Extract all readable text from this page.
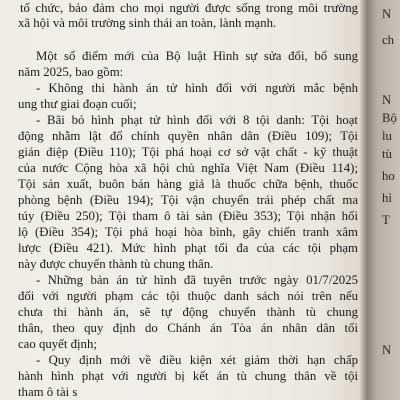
tố chức, bảo đảm cho mọi người được sống trong môi trường
xã hội và môi trường sinh thái an toàn, lành mạnh.
Một số điểm mới của Bộ luật Hình sự sửa đổi, bổ sung
năm 2025, bao gồm:
- Không thi hành án tử hình đối với người mắc bệnh
ung thư giai đoạn cuối;
- Bãi bỏ hình phạt tử hình đối với 8 tội danh: Tội hoạt
động nhằm lật đổ chính quyền nhân dân (Điều 109); Tội
gián điệp (Điều 110); Tội phá hoại cơ sở vật chất - kỹ thuật
của nước Cộng hòa xã hội chủ nghĩa Việt Nam (Điều 114);
Tội sản xuất, buôn bán hàng giả là thuốc chữa bệnh, thuốc
phòng bệnh (Điều 194); Tội vận chuyển trái phép chất ma
túy (Điều 250); Tội tham ô tài sản (Điều 353); Tội nhận hối
lộ (Điều 354); Tội phá hoại hòa bình, gây chiến tranh xâm
lược (Điều 421). Mức hình phạt tối đa của các tội phạm
này được chuyển thành tù chung thân.
- Những bản án tử hình đã tuyên trước ngày 01/7/2025
đối với người phạm các tội thuộc danh sách nói trên nếu
chưa thi hành án, sẽ tự động chuyển thành tù chung
thân, theo quy định do Chánh án Tòa án nhân dân tối
cao quyết định;
- Quy định mới về điều kiện xét giảm thời hạn chấp
hành hình phạt với người bị kết án tù chung thân về tội
tham ô tài s
N
ch
N
Bộ
lu
tù
ho
hì
T
N
